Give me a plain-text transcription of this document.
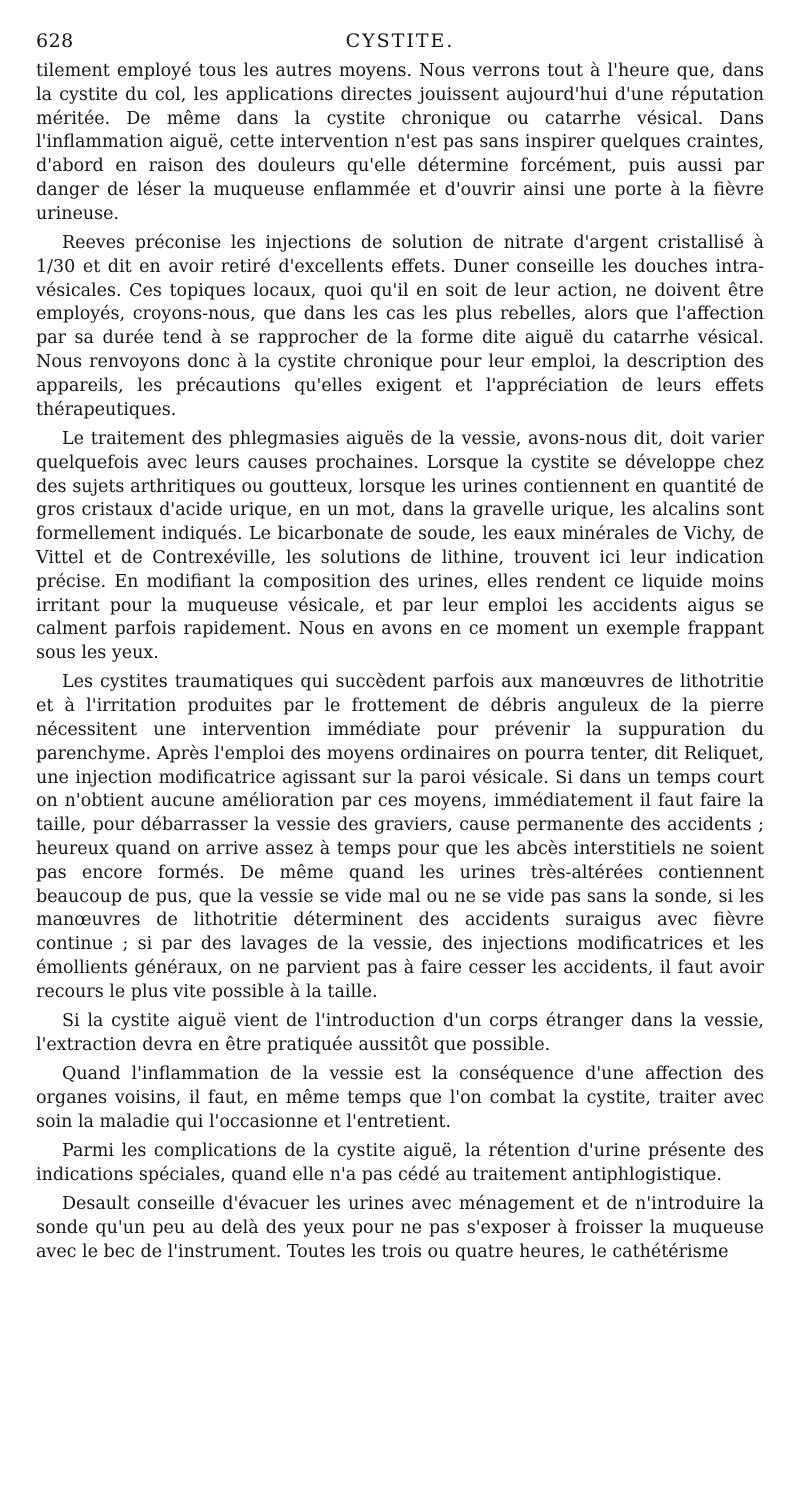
628	CYSTITE.

tilement employé tous les autres moyens. Nous verrons tout à l'heure que, dans la cystite du col, les applications directes jouissent aujourd'hui d'une réputation méritée. De même dans la cystite chronique ou catarrhe vésical. Dans l'inflammation aiguë, cette intervention n'est pas sans inspirer quelques craintes, d'abord en raison des douleurs qu'elle détermine forcément, puis aussi par danger de léser la muqueuse enflammée et d'ouvrir ainsi une porte à la fièvre urineuse.

Reeves préconise les injections de solution de nitrate d'argent cristallisé à 1/30 et dit en avoir retiré d'excellents effets. Duner conseille les douches intra-vésicales. Ces topiques locaux, quoi qu'il en soit de leur action, ne doivent être employés, croyons-nous, que dans les cas les plus rebelles, alors que l'affection par sa durée tend à se rapprocher de la forme dite aiguë du catarrhe vésical. Nous renvoyons donc à la cystite chronique pour leur emploi, la description des appareils, les précautions qu'elles exigent et l'appréciation de leurs effets thérapeutiques.

Le traitement des phlegmasies aiguës de la vessie, avons-nous dit, doit varier quelquefois avec leurs causes prochaines. Lorsque la cystite se développe chez des sujets arthritiques ou goutteux, lorsque les urines contiennent en quantité de gros cristaux d'acide urique, en un mot, dans la gravelle urique, les alcalins sont formellement indiqués. Le bicarbonate de soude, les eaux minérales de Vichy, de Vittel et de Contrexéville, les solutions de lithine, trouvent ici leur indication précise. En modifiant la composition des urines, elles rendent ce liquide moins irritant pour la muqueuse vésicale, et par leur emploi les accidents aigus se calment parfois rapidement. Nous en avons en ce moment un exemple frappant sous les yeux.

Les cystites traumatiques qui succèdent parfois aux manœuvres de lithotritie et à l'irritation produites par le frottement de débris anguleux de la pierre nécessitent une intervention immédiate pour prévenir la suppuration du parenchyme. Après l'emploi des moyens ordinaires on pourra tenter, dit Reliquet, une injection modificatrice agissant sur la paroi vésicale. Si dans un temps court on n'obtient aucune amélioration par ces moyens, immédiatement il faut faire la taille, pour débarrasser la vessie des graviers, cause permanente des accidents ; heureux quand on arrive assez à temps pour que les abcès interstitiels ne soient pas encore formés. De même quand les urines très-altérées contiennent beaucoup de pus, que la vessie se vide mal ou ne se vide pas sans la sonde, si les manœuvres de lithotritie déterminent des accidents suraigus avec fièvre continue ; si par des lavages de la vessie, des injections modificatrices et les émollients généraux, on ne parvient pas à faire cesser les accidents, il faut avoir recours le plus vite possible à la taille.

Si la cystite aiguë vient de l'introduction d'un corps étranger dans la vessie, l'extraction devra en être pratiquée aussitôt que possible.

Quand l'inflammation de la vessie est la conséquence d'une affection des organes voisins, il faut, en même temps que l'on combat la cystite, traiter avec soin la maladie qui l'occasionne et l'entretient.

Parmi les complications de la cystite aiguë, la rétention d'urine présente des indications spéciales, quand elle n'a pas cédé au traitement antiphlogistique.

Desault conseille d'évacuer les urines avec ménagement et de n'introduire la sonde qu'un peu au delà des yeux pour ne pas s'exposer à froisser la muqueuse avec le bec de l'instrument. Toutes les trois ou quatre heures, le cathétérisme
